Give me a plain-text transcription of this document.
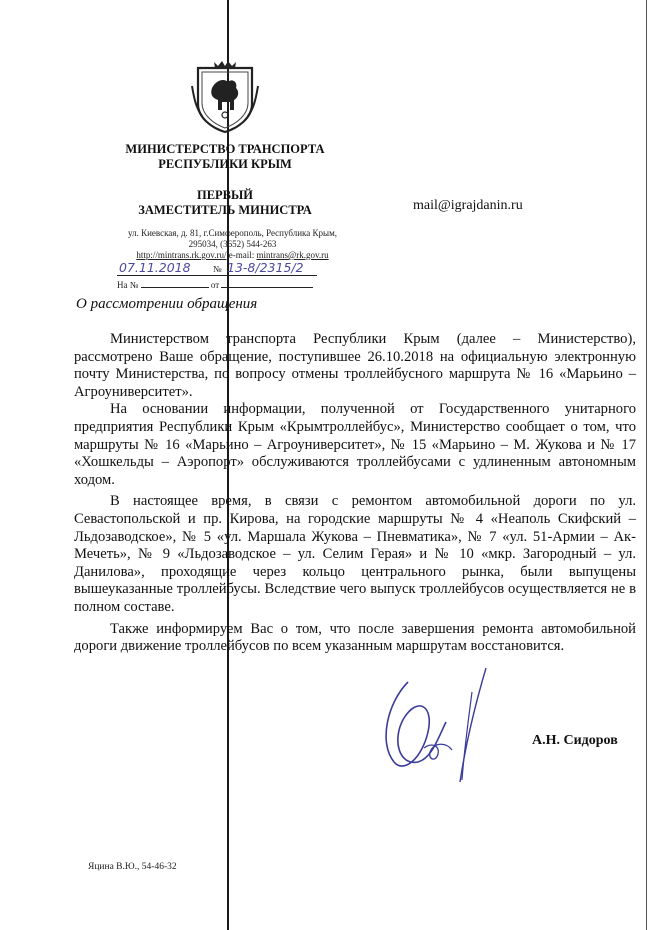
МИНИСТЕРСТВО ТРАНСПОРТА
РЕСПУБЛИКИ КРЫМ
ПЕРВЫЙ
ЗАМЕСТИТЕЛЬ МИНИСТРА
ул. Киевская, д. 81, г.Симферополь, Республика Крым,
295034, (3652) 544-263
http://mintrans.rk.gov.ru/ e-mail: mintrans@rk.gov.ru
07.11.2018 № 13-8/2315/2
На №	от
mail@igrajdanin.ru
О рассмотрении обращения

Министерством транспорта Республики Крым (далее – Министерство), рассмотрено Ваше обращение, поступившее 26.10.2018 на официальную электронную почту Министерства, по вопросу отмены троллейбусного маршрута № 16 «Марьино – Агроуниверситет».

На основании информации, полученной от Государственного унитарного предприятия Республики Крым «Крымтроллейбус», Министерство сообщает о том, что маршруты № 16 «Марьино – Агроуниверситет», № 15 «Марьино – М. Жукова и № 17 «Хошкельды – Аэропорт» обслуживаются троллейбусами с удлиненным автономным ходом.

В настоящее время, в связи с ремонтом автомобильной дороги по ул. Севастопольской и пр. Кирова, на городские маршруты № 4 «Неаполь Скифский – Льдозаводское», № 5 «ул. Маршала Жукова – Пневматика», № 7 «ул. 51-Армии – Ак-Мечеть», № 9 «Льдозаводское – ул. Селим Герая» и № 10 «мкр. Загородный – ул. Данилова», проходящие через кольцо центрального рынка, были выпущены вышеуказанные троллейбусы. Вследствие чего выпуск троллейбусов осуществляется не в полном составе.

Также информируем Вас о том, что после завершения ремонта автомобильной дороги движение троллейбусов по всем указанным маршрутам восстановится.

А.Н. Сидоров
Яцина В.Ю., 54-46-32
